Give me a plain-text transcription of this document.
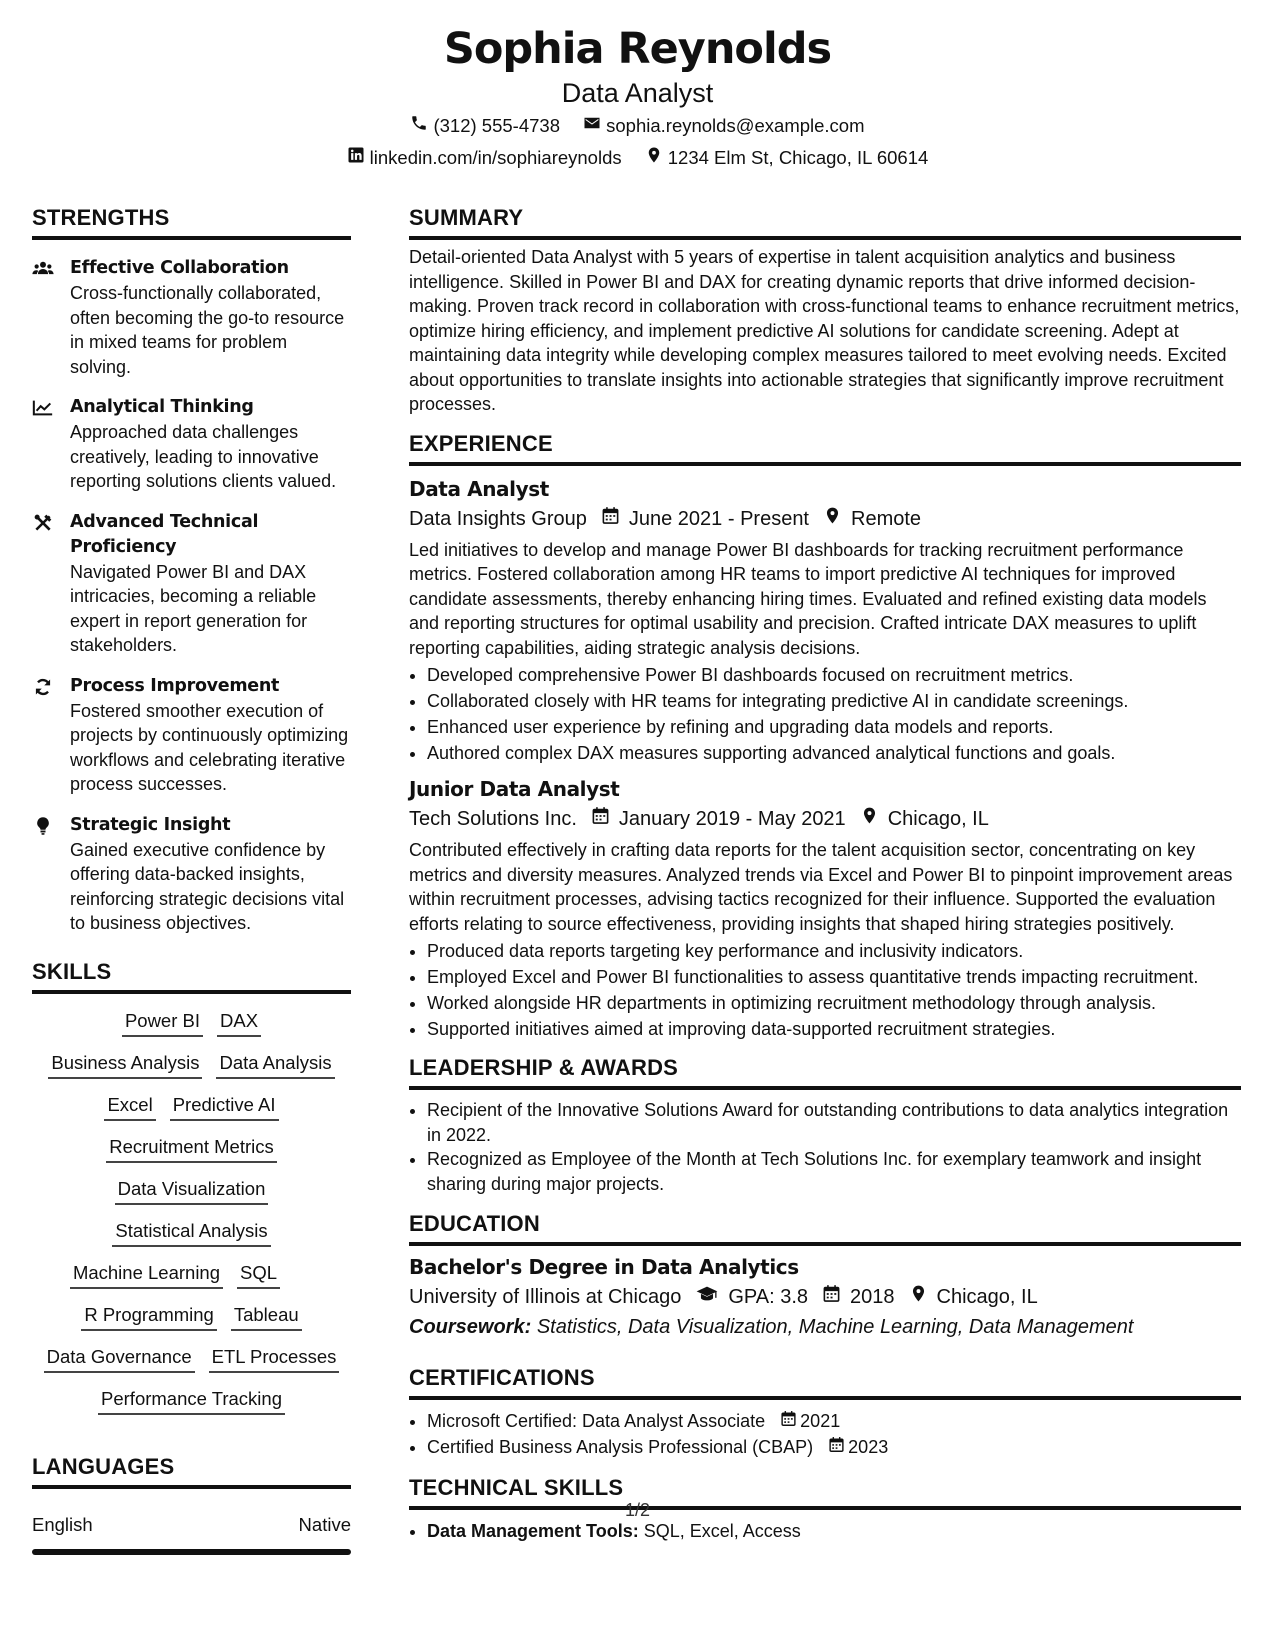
Sophia Reynolds
Data Analyst
(312) 555-4738
sophia.reynolds@example.com
linkedin.com/in/sophiareynolds
1234 Elm St, Chicago, IL 60614
STRENGTHS
Effective Collaboration
Cross-functionally collaborated, often becoming the go-to resource in mixed teams for problem solving.
Analytical Thinking
Approached data challenges creatively, leading to innovative reporting solutions clients valued.
Advanced Technical Proficiency
Navigated Power BI and DAX intricacies, becoming a reliable expert in report generation for stakeholders.
Process Improvement
Fostered smoother execution of projects by continuously optimizing workflows and celebrating iterative process successes.
Strategic Insight
Gained executive confidence by offering data-backed insights, reinforcing strategic decisions vital to business objectives.
SKILLS
Power BI DAX
Business Analysis Data Analysis
Excel Predictive AI
Recruitment Metrics
Data Visualization
Statistical Analysis
Machine Learning SQL
R Programming Tableau
Data Governance ETL Processes
Performance Tracking
LANGUAGES
English	Native
SUMMARY
Detail-oriented Data Analyst with 5 years of expertise in talent acquisition analytics and business intelligence. Skilled in Power BI and DAX for creating dynamic reports that drive informed decision-making. Proven track record in collaboration with cross-functional teams to enhance recruitment metrics, optimize hiring efficiency, and implement predictive AI solutions for candidate screening. Adept at maintaining data integrity while developing complex measures tailored to meet evolving needs. Excited about opportunities to translate insights into actionable strategies that significantly improve recruitment processes.
EXPERIENCE
Data Analyst
Data Insights Group June 2021 - Present Remote
Led initiatives to develop and manage Power BI dashboards for tracking recruitment performance metrics. Fostered collaboration among HR teams to import predictive AI techniques for improved candidate assessments, thereby enhancing hiring times. Evaluated and refined existing data models and reporting structures for optimal usability and precision. Crafted intricate DAX measures to uplift reporting capabilities, aiding strategic analysis decisions.
• Developed comprehensive Power BI dashboards focused on recruitment metrics.
• Collaborated closely with HR teams for integrating predictive AI in candidate screenings.
• Enhanced user experience by refining and upgrading data models and reports.
• Authored complex DAX measures supporting advanced analytical functions and goals.
Junior Data Analyst
Tech Solutions Inc. January 2019 - May 2021 Chicago, IL
Contributed effectively in crafting data reports for the talent acquisition sector, concentrating on key metrics and diversity measures. Analyzed trends via Excel and Power BI to pinpoint improvement areas within recruitment processes, advising tactics recognized for their influence. Supported the evaluation efforts relating to source effectiveness, providing insights that shaped hiring strategies positively.
• Produced data reports targeting key performance and inclusivity indicators.
• Employed Excel and Power BI functionalities to assess quantitative trends impacting recruitment.
• Worked alongside HR departments in optimizing recruitment methodology through analysis.
• Supported initiatives aimed at improving data-supported recruitment strategies.
LEADERSHIP & AWARDS
• Recipient of the Innovative Solutions Award for outstanding contributions to data analytics integration in 2022.
• Recognized as Employee of the Month at Tech Solutions Inc. for exemplary teamwork and insight sharing during major projects.
EDUCATION
Bachelor's Degree in Data Analytics
University of Illinois at Chicago GPA: 3.8 2018 Chicago, IL
Coursework: Statistics, Data Visualization, Machine Learning, Data Management
CERTIFICATIONS
• Microsoft Certified: Data Analyst Associate 2021
• Certified Business Analysis Professional (CBAP) 2023
TECHNICAL SKILLS
• Data Management Tools: SQL, Excel, Access
1/2
